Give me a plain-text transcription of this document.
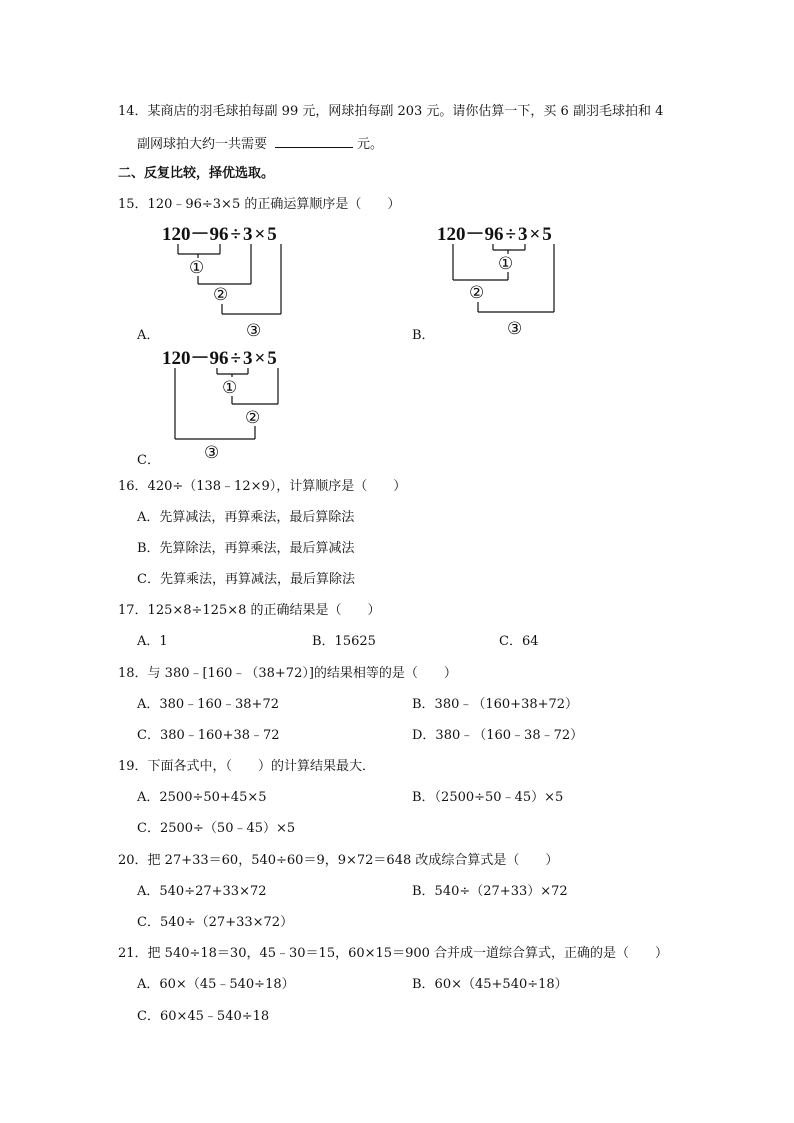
14．某商店的羽毛球拍每副 99 元，网球拍每副 203 元。请你估算一下，买 6 副羽毛球拍和 4
副网球拍大约一共需要	元。
二、反复比较，择优选取。
15．120﹣96÷3×5 的正确运算顺序是（　　）
120－96 ÷ 3 × 5
①
②
③
A．
120－96 ÷ 3 × 5
①
②
③
B．
120－96 ÷ 3 × 5
①
②
③
C．
16．420÷（138﹣12×9），计算顺序是（　　）
A．先算减法，再算乘法，最后算除法
B．先算除法，再算乘法，最后算减法
C．先算乘法，再算减法，最后算除法
17．125×8÷125×8 的正确结果是（　　）
A．1	B．15625	C．64
18．与 380﹣[160﹣（38+72）]的结果相等的是（　　）
A．380﹣160﹣38+72	B．380﹣（160+38+72）
C．380﹣160+38﹣72	D．380﹣（160﹣38﹣72）
19．下面各式中，（　　）的计算结果最大．
A．2500÷50+45×5	B．（2500÷50﹣45）×5
C．2500÷（50﹣45）×5
20．把 27+33＝60，540÷60＝9，9×72＝648 改成综合算式是（　　）
A．540÷27+33×72	B．540÷（27+33）×72
C．540÷（27+33×72）
21．把 540÷18＝30，45﹣30＝15，60×15＝900 合并成一道综合算式，正确的是（　　）
A．60×（45﹣540÷18）	B．60×（45+540÷18）
C．60×45﹣540÷18
